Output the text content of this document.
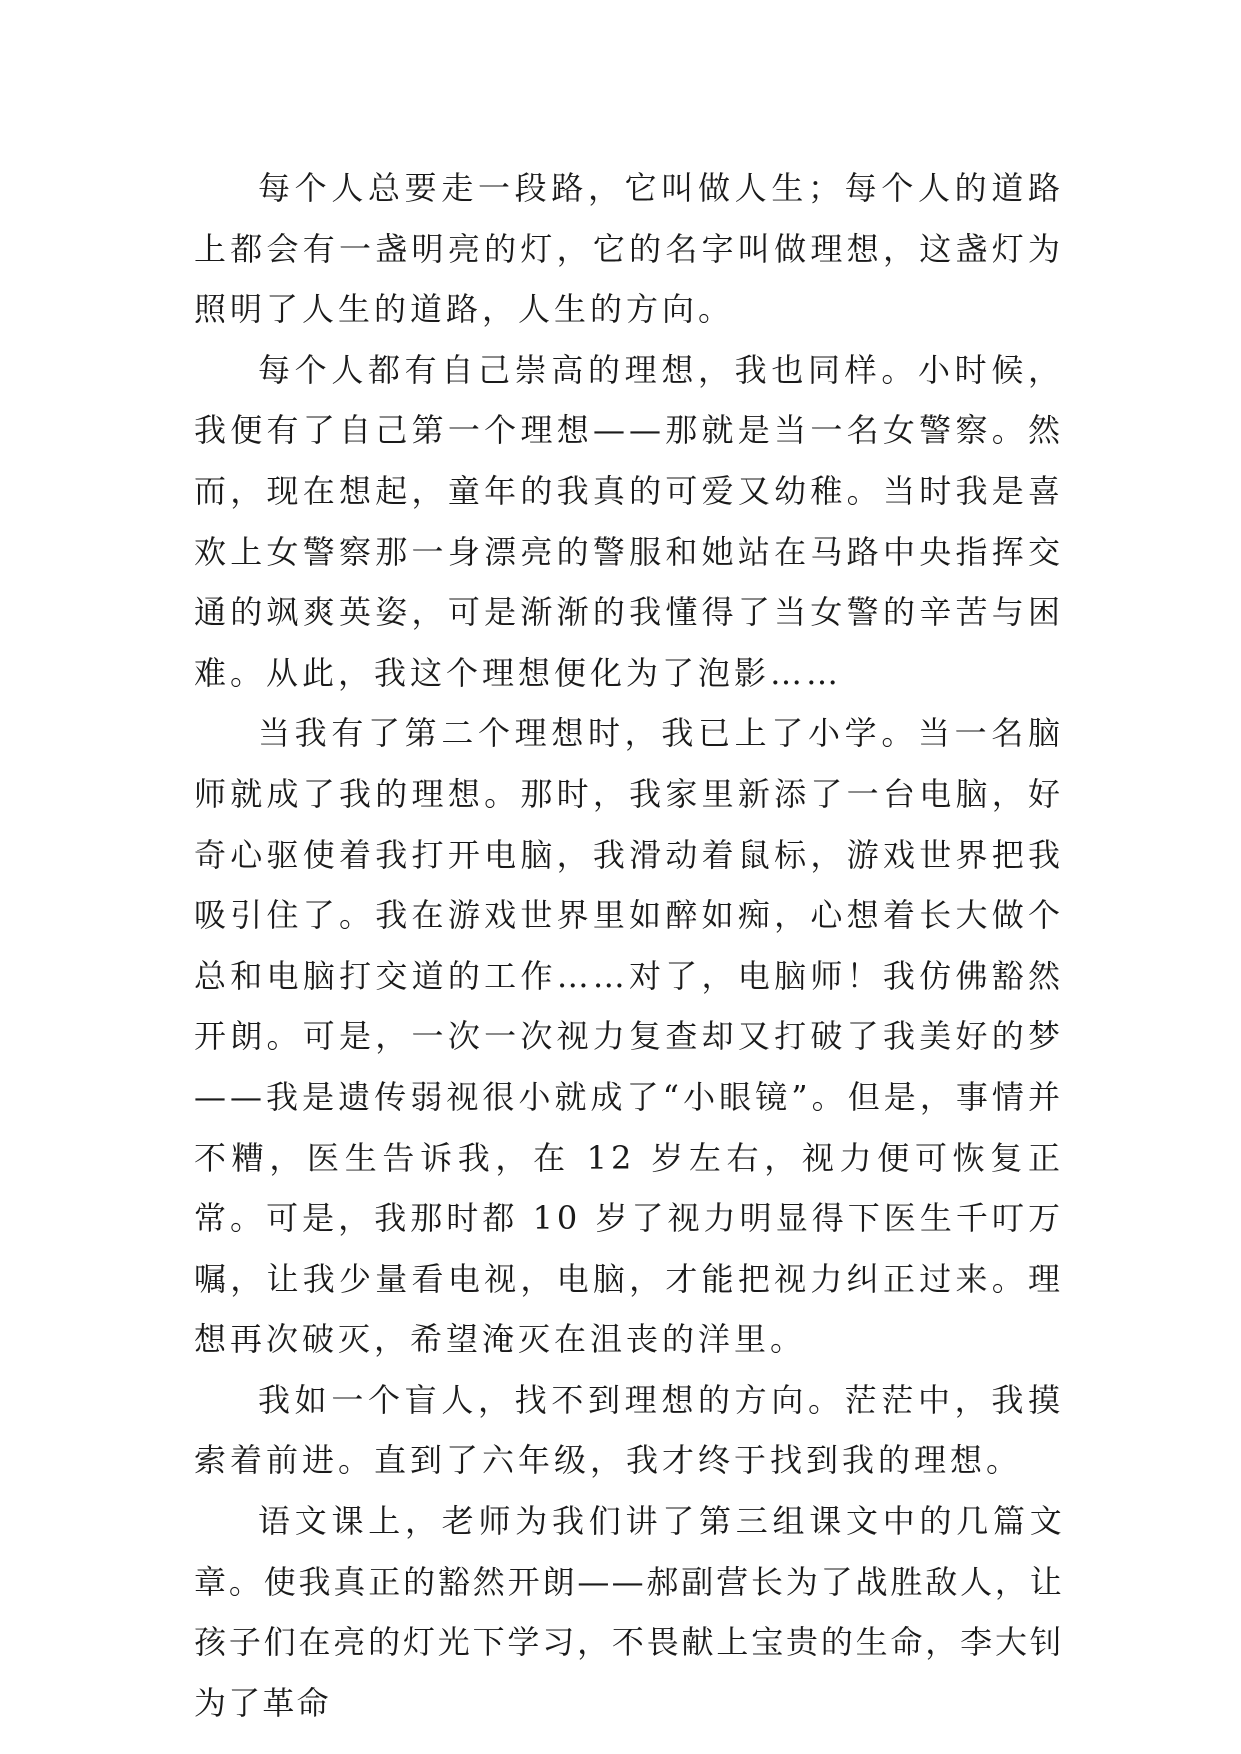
每个人总要走一段路，它叫做人生；每个人的道路上都会有一盏明亮的灯，它的名字叫做理想，这盏灯为照明了人生的道路，人生的方向。

每个人都有自己崇高的理想，我也同样。小时候，我便有了自己第一个理想——那就是当一名女警察。然而，现在想起，童年的我真的可爱又幼稚。当时我是喜欢上女警察那一身漂亮的警服和她站在马路中央指挥交通的飒爽英姿，可是渐渐的我懂得了当女警的辛苦与困难。从此，我这个理想便化为了泡影……

当我有了第二个理想时，我已上了小学。当一名脑师就成了我的理想。那时，我家里新添了一台电脑，好奇心驱使着我打开电脑，我滑动着鼠标，游戏世界把我吸引住了。我在游戏世界里如醉如痴，心想着长大做个总和电脑打交道的工作……对了，电脑师！我仿佛豁然开朗。可是，一次一次视力复查却又打破了我美好的梦——我是遗传弱视很小就成了“小眼镜”。但是，事情并不糟，医生告诉我，在 12 岁左右，视力便可恢复正常。可是，我那时都 10 岁了视力明显得下医生千叮万嘱，让我少量看电视，电脑，才能把视力纠正过来。理想再次破灭，希望淹灭在沮丧的洋里。

我如一个盲人，找不到理想的方向。茫茫中，我摸索着前进。直到了六年级，我才终于找到我的理想。

语文课上，老师为我们讲了第三组课文中的几篇文章。使我真正的豁然开朗——郝副营长为了战胜敌人，让孩子们在亮的灯光下学习，不畏献上宝贵的生命，李大钊为了革命
